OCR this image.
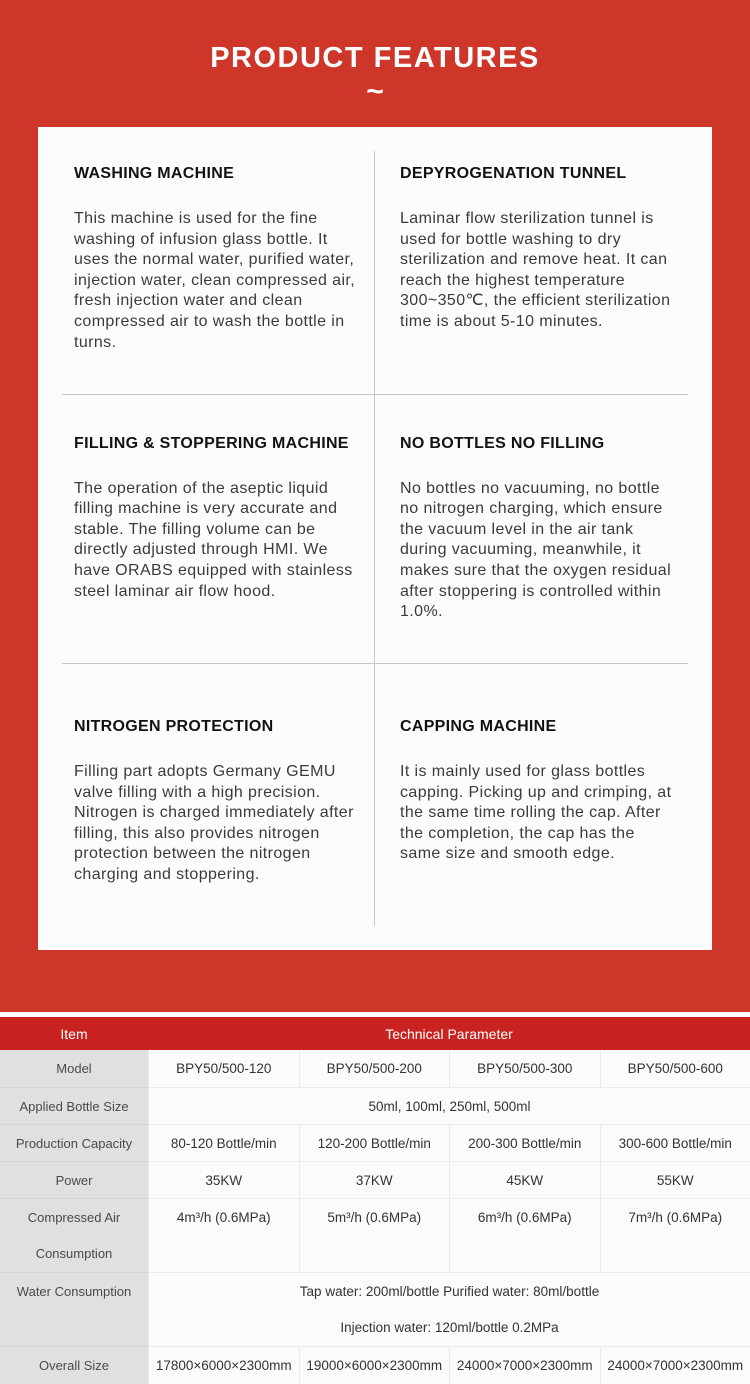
PRODUCT FEATURES
~
WASHING MACHINE
This machine is used for the fine washing of infusion glass bottle. It uses the normal water, purified water, injection water, clean compressed air, fresh injection water and clean compressed air to wash the bottle in turns.
DEPYROGENATION TUNNEL
Laminar flow sterilization tunnel is used for bottle washing to dry sterilization and remove heat. It can reach the highest temperature 300~350℃, the efficient sterilization time is about 5-10 minutes.
FILLING & STOPPERING MACHINE
The operation of the aseptic liquid filling machine is very accurate and stable. The filling volume can be directly adjusted through HMI. We have ORABS equipped with stainless steel laminar air flow hood.
NO BOTTLES NO FILLING
No bottles no vacuuming, no bottle no nitrogen charging, which ensure the vacuum level in the air tank during vacuuming, meanwhile, it makes sure that the oxygen residual after stoppering is controlled within 1.0%.
NITROGEN PROTECTION
Filling part adopts Germany GEMU valve filling with a high precision. Nitrogen is charged immediately after filling, this also provides nitrogen protection between the nitrogen charging and stoppering.
CAPPING MACHINE
It is mainly used for glass bottles capping. Picking up and crimping, at the same time rolling the cap. After the completion, the cap has the same size and smooth edge.
Item	Technical Parameter
Model	BPY50/500-120	BPY50/500-200	BPY50/500-300	BPY50/500-600
Applied Bottle Size	50ml, 100ml, 250ml, 500ml
Production Capacity	80-120 Bottle/min	120-200 Bottle/min	200-300 Bottle/min	300-600 Bottle/min
Power	35KW	37KW	45KW	55KW
Compressed Air	4m³/h (0.6MPa)	5m³/h (0.6MPa)	6m³/h (0.6MPa)	7m³/h (0.6MPa)
Consumption
Water Consumption	Tap water: 200ml/bottle Purified water: 80ml/bottle
Injection water: 120ml/bottle 0.2MPa
Overall Size	17800×6000×2300mm	19000×6000×2300mm	24000×7000×2300mm	24000×7000×2300mm
